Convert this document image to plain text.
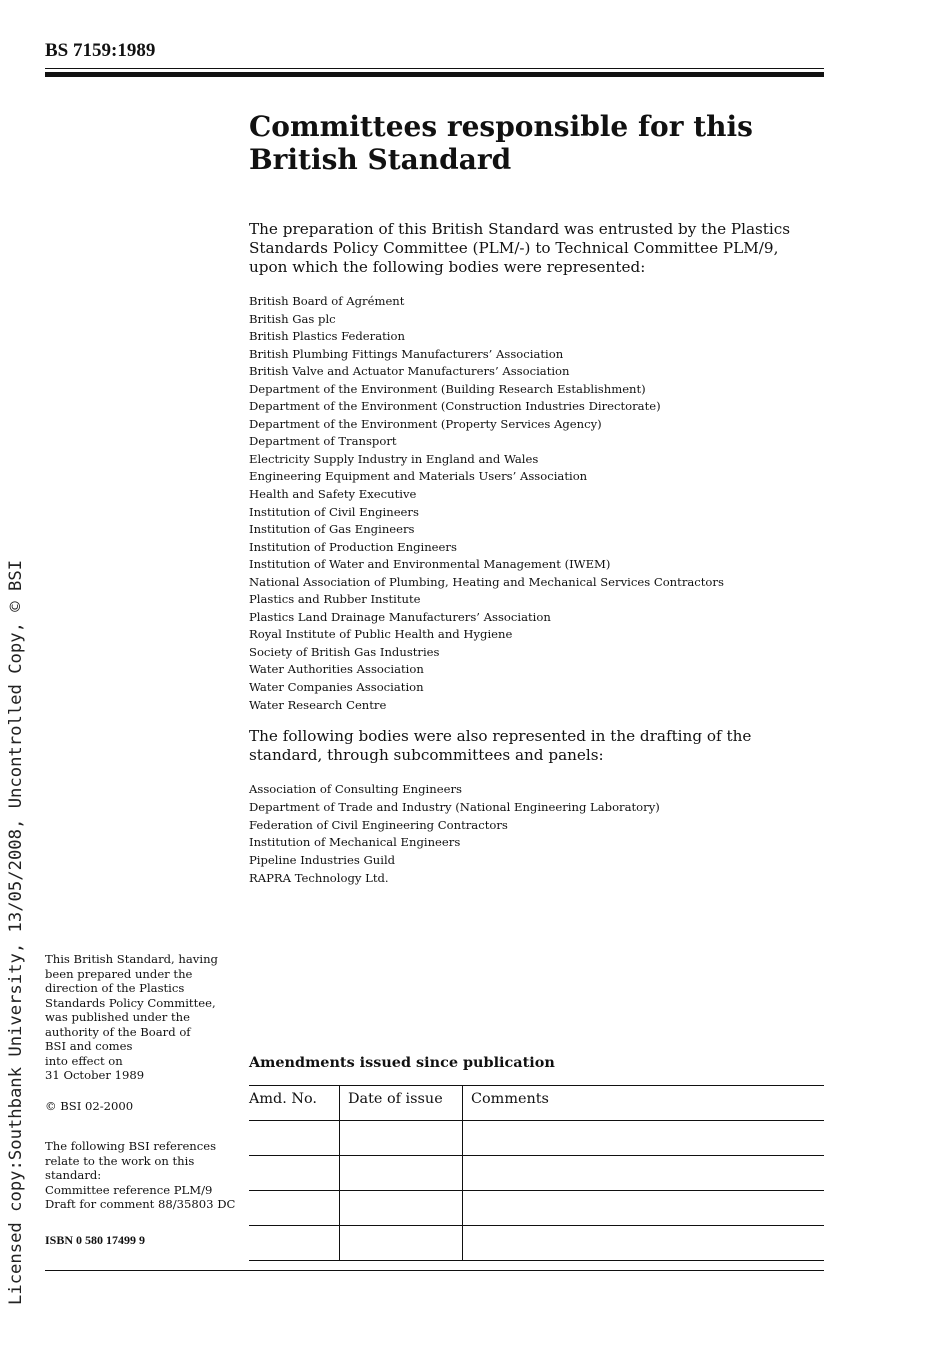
BS 7159:1989
Licensed copy:Southbank University, 13/05/2008, Uncontrolled Copy, © BSI
Committees responsible for this
British Standard

The preparation of this British Standard was entrusted by the Plastics Standards Policy Committee (PLM/-) to Technical Committee PLM/9, upon which the following bodies were represented:

British Board of Agrément
British Gas plc
British Plastics Federation
British Plumbing Fittings Manufacturers’ Association
British Valve and Actuator Manufacturers’ Association
Department of the Environment (Building Research Establishment)
Department of the Environment (Construction Industries Directorate)
Department of the Environment (Property Services Agency)
Department of Transport
Electricity Supply Industry in England and Wales
Engineering Equipment and Materials Users’ Association
Health and Safety Executive
Institution of Civil Engineers
Institution of Gas Engineers
Institution of Production Engineers
Institution of Water and Environmental Management (IWEM)
National Association of Plumbing, Heating and Mechanical Services Contractors
Plastics and Rubber Institute
Plastics Land Drainage Manufacturers’ Association
Royal Institute of Public Health and Hygiene
Society of British Gas Industries
Water Authorities Association
Water Companies Association
Water Research Centre

The following bodies were also represented in the drafting of the standard, through subcommittees and panels:

Association of Consulting Engineers
Department of Trade and Industry (National Engineering Laboratory)
Federation of Civil Engineering Contractors
Institution of Mechanical Engineers
Pipeline Industries Guild
RAPRA Technology Ltd.

This British Standard, having
been prepared under the
direction of the Plastics
Standards Policy Committee,
was published under the
authority of the Board of
BSI and comes
into effect on
31 October 1989

© BSI 02-2000

The following BSI references
relate to the work on this
standard:
Committee reference PLM/9
Draft for comment 88/35803 DC

ISBN 0 580 17499 9

Amendments issued since publication
Amd. No.	Date of issue	Comments
